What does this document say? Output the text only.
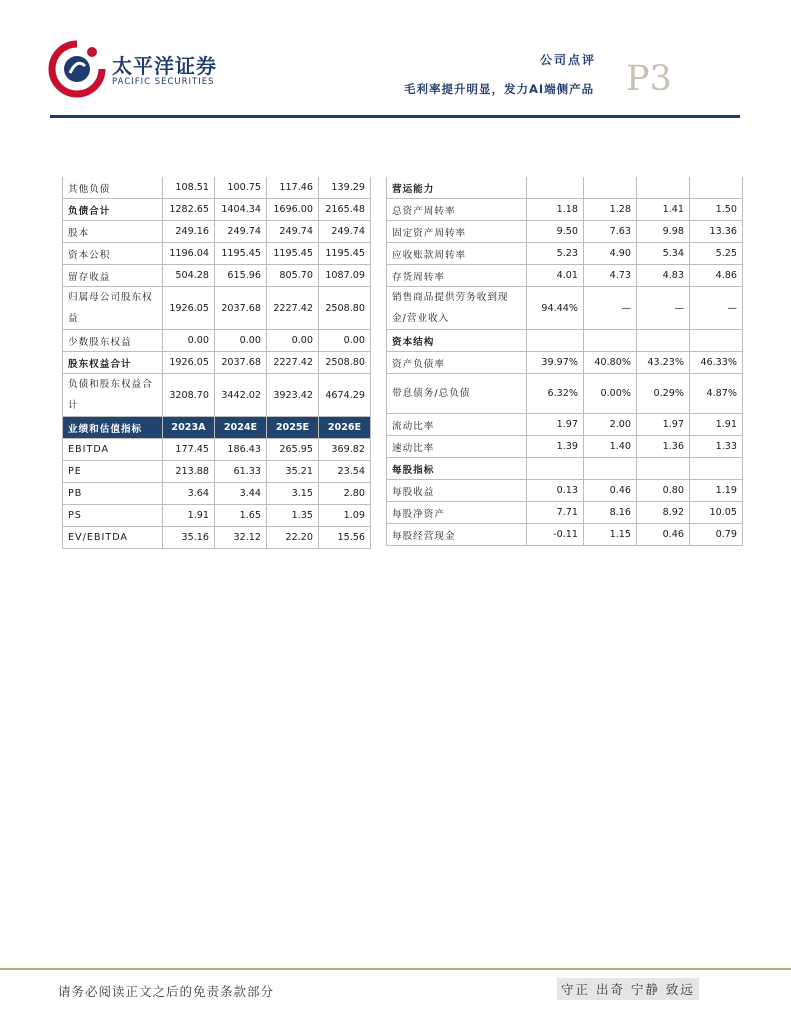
太平洋证券
PACIFIC SECURITIES
公司点评
毛利率提升明显，发力AI端侧产品 P3
其他负债	108.51	100.75	117.46	139.29
负债合计	1282.65	1404.34	1696.00	2165.48
股本	249.16	249.74	249.74	249.74
资本公积	1196.04	1195.45	1195.45	1195.45
留存收益	504.28	615.96	805.70	1087.09
归属母公司股东权益	1926.05	2037.68	2227.42	2508.80
少数股东权益	0.00	0.00	0.00	0.00
股东权益合计	1926.05	2037.68	2227.42	2508.80
负债和股东权益合计	3208.70	3442.02	3923.42	4674.29
业绩和估值指标	2023A	2024E	2025E	2026E
EBITDA	177.45	186.43	265.95	369.82
PE	213.88	61.33	35.21	23.54
PB	3.64	3.44	3.15	2.80
PS	1.91	1.65	1.35	1.09
EV/EBITDA	35.16	32.12	22.20	15.56
营运能力				
总资产周转率	1.18	1.28	1.41	1.50
固定资产周转率	9.50	7.63	9.98	13.36
应收账款周转率	5.23	4.90	5.34	5.25
存货周转率	4.01	4.73	4.83	4.86
销售商品提供劳务收到现金/营业收入	94.44%	—	—	—
资本结构				
资产负债率	39.97%	40.80%	43.23%	46.33%
带息债务/总负债	6.32%	0.00%	0.29%	4.87%
流动比率	1.97	2.00	1.97	1.91
速动比率	1.39	1.40	1.36	1.33
每股指标				
每股收益	0.13	0.46	0.80	1.19
每股净资产	7.71	8.16	8.92	10.05
每股经营现金	-0.11	1.15	0.46	0.79
请务必阅读正文之后的免责条款部分	守正 出奇 宁静 致远
